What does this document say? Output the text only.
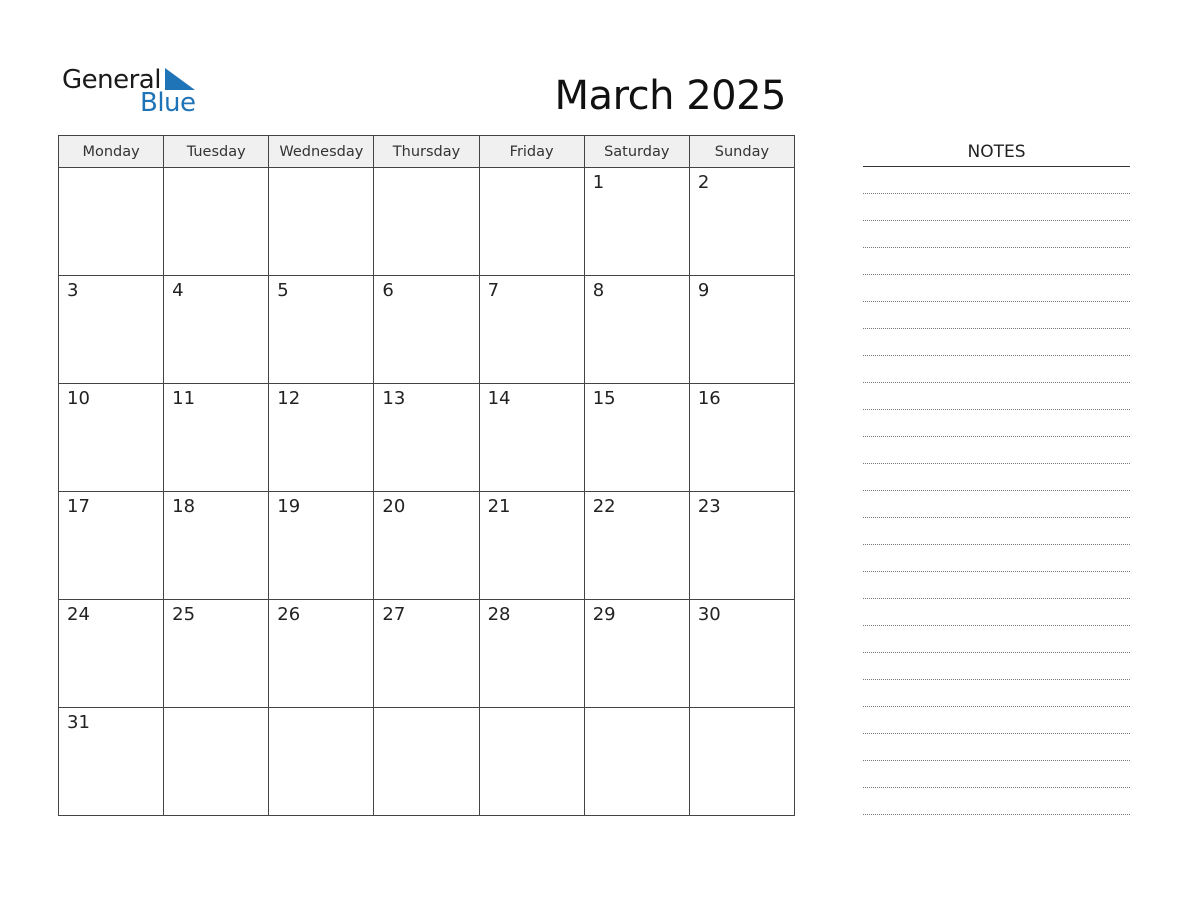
General
Blue	March 2025
Monday	Tuesday	Wednesday	Thursday	Friday	Saturday	Sunday
					1	2
3	4	5	6	7	8	9
10	11	12	13	14	15	16
17	18	19	20	21	22	23
24	25	26	27	28	29	30
31						
NOTES
